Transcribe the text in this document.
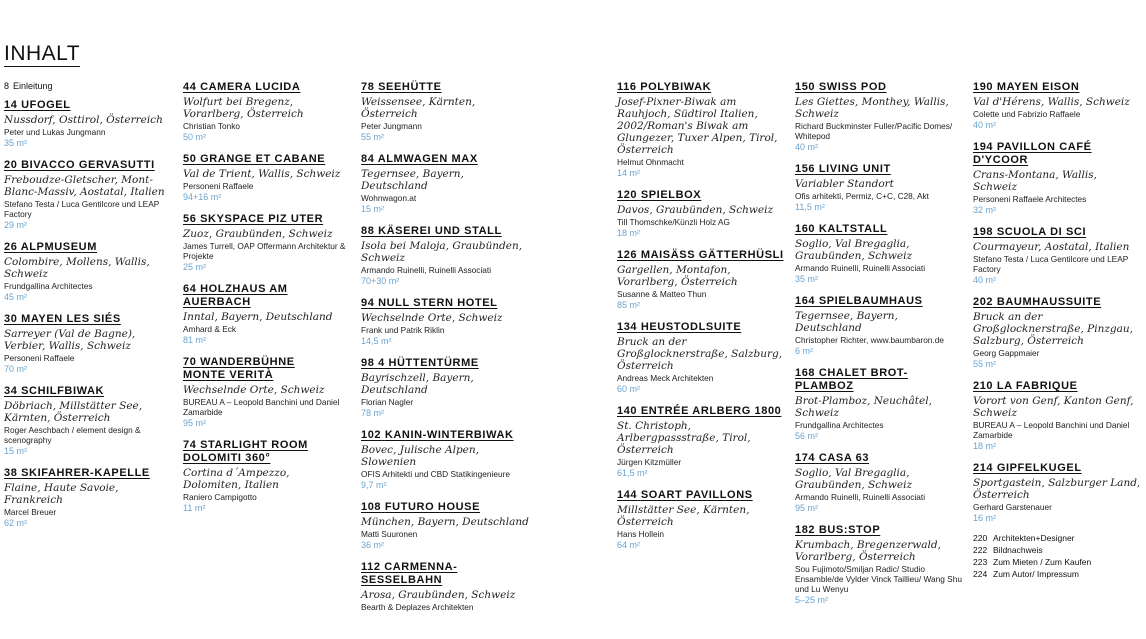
INHALT
8 Einleitung
14 UFOGEL
Nussdorf, Osttirol, Österreich
Peter und Lukas Jungmann
35 m²
20 BIVACCO GERVASUTTI
Freboudze-Gletscher, Mont-Blanc-Massiv, Aostatal, Italien
Stefano Testa / Luca Gentilcore und LEAP Factory
29 m²
26 ALPMUSEUM
Colombire, Mollens, Wallis, Schweiz
Frundgallina Architectes
45 m²
30 MAYEN LES SIÉS
Sarreyer (Val de Bagne), Verbier, Wallis, Schweiz
Personeni Raffaele
70 m²
34 SCHILFBIWAK
Döbriach, Millstätter See, Kärnten, Österreich
Roger Aeschbach / element design & scenography
15 m²
38 SKIFAHRER-KAPELLE
Flaine, Haute Savoie, Frankreich
Marcel Breuer
62 m²
44 CAMERA LUCIDA
Wolfurt bei Bregenz, Vorarlberg, Österreich
Christian Tonko
50 m²
50 GRANGE ET CABANE
Val de Trient, Wallis, Schweiz
Personeni Raffaele
94+16 m²
56 SKYSPACE PIZ UTER
Zuoz, Graubünden, Schweiz
James Turrell, OAP Offermann Architektur & Projekte
25 m²
64 HOLZHAUS AM AUERBACH
Inntal, Bayern, Deutschland
Amhard & Eck
81 m²
70 WANDERBÜHNE
MONTE VERITÀ
Wechselnde Orte, Schweiz
BUREAU A – Leopold Banchini und Daniel Zamarbide
95 m²
74 STARLIGHT ROOM
DOLOMITI 360°
Cortina d´Ampezzo, Dolomiten, Italien
Raniero Campigotto
11 m²
78 SEEHÜTTE
Weissensee, Kärnten, Österreich
Peter Jungmann
55 m²
84 ALMWAGEN MAX
Tegernsee, Bayern, Deutschland
Wohnwagon.at
15 m²
88 KÄSEREI UND STALL
Isola bei Maloja, Graubünden, Schweiz
Armando Ruinelli, Ruinelli Associati
70+30 m²
94 NULL STERN HOTEL
Wechselnde Orte, Schweiz
Frank und Patrik Riklin
14,5 m²
98 4 HÜTTENTÜRME
Bayrischzell, Bayern, Deutschland
Florian Nagler
78 m²
102 KANIN-WINTERBIWAK
Bovec, Julische Alpen, Slowenien
OFIS Arhitekti und CBD Statikingenieure
9,7 m²
108 FUTURO HOUSE
München, Bayern, Deutschland
Matti Suuronen
36 m²
112 CARMENNA-SESSELBAHN
Arosa, Graubünden, Schweiz
Bearth & Deplazes Architekten
116 POLYBIWAK
Josef-Pixner-Biwak am Rauhjoch, Südtirol Italien, 2002/Roman's Biwak am Glungezer, Tuxer Alpen, Tirol, Österreich
Helmut Ohnmacht
14 m²
120 SPIELBOX
Davos, Graubünden, Schweiz
Till Thomschke/Künzli Holz AG
18 m²
126 MAISÄSS GÄTTERHÜSLI
Gargellen, Montafon, Vorarlberg, Österreich
Susanne & Matteo Thun
85 m²
134 HEUSTODLSUITE
Bruck an der Großglocknerstraße, Salzburg, Österreich
Andreas Meck Architekten
60 m²
140 ENTRÉE ARLBERG 1800
St. Christoph, Arlbergpassstraße, Tirol, Österreich
Jürgen Kitzmüller
61,5 m²
144 SOART PAVILLONS
Millstätter See, Kärnten, Österreich
Hans Hollein
64 m²
150 SWISS POD
Les Giettes, Monthey, Wallis, Schweiz
Richard Buckminster Fuller/Pacific Domes/ Whitepod
40 m²
156 LIVING UNIT
Variabler Standort
Ofis arhitekti, Permiz, C+C, C28, Akt
11,5 m²
160 KALTSTALL
Soglio, Val Bregaglia, Graubünden, Schweiz
Armando Ruinelli, Ruinelli Associati
35 m²
164 SPIELBAUMHAUS
Tegernsee, Bayern, Deutschland
Christopher Richter, www.baumbaron.de
6 m²
168 CHALET BROT-PLAMBOZ
Brot-Plamboz, Neuchâtel, Schweiz
Frundgallina Architectes
56 m²
174 CASA 63
Soglio, Val Bregaglia, Graubünden, Schweiz
Armando Ruinelli, Ruinelli Associati
95 m²
182 BUS:STOP
Krumbach, Bregenzerwald, Vorarlberg, Österreich
Sou Fujimoto/Smiljan Radic/ Studio Ensamble/de Vylder Vinck Taillieu/ Wang Shu und Lu Wenyu
5–25 m²
190 MAYEN EISON
Val d'Hérens, Wallis, Schweiz
Colette und Fabrizio Raffaele
40 m²
194 PAVILLON CAFÉ D'YCOOR
Crans-Montana, Wallis, Schweiz
Personeni Raffaele Architectes
32 m²
198 SCUOLA DI SCI
Courmayeur, Aostatal, Italien
Stefano Testa / Luca Gentilcore und LEAP Factory
40 m²
202 BAUMHAUSSUITE
Bruck an der Großglocknerstraße, Pinzgau, Salzburg, Österreich
Georg Gappmaier
55 m²
210 LA FABRIQUE
Vorort von Genf, Kanton Genf, Schweiz
BUREAU A – Leopold Banchini und Daniel Zamarbide
18 m²
214 GIPFELKUGEL
Sportgastein, Salzburger Land, Österreich
Gerhard Garstenauer
16 m²
220 Architekten+Designer
222 Bildnachweis
223 Zum Mieten / Zum Kaufen
224 Zum Autor/ Impressum
